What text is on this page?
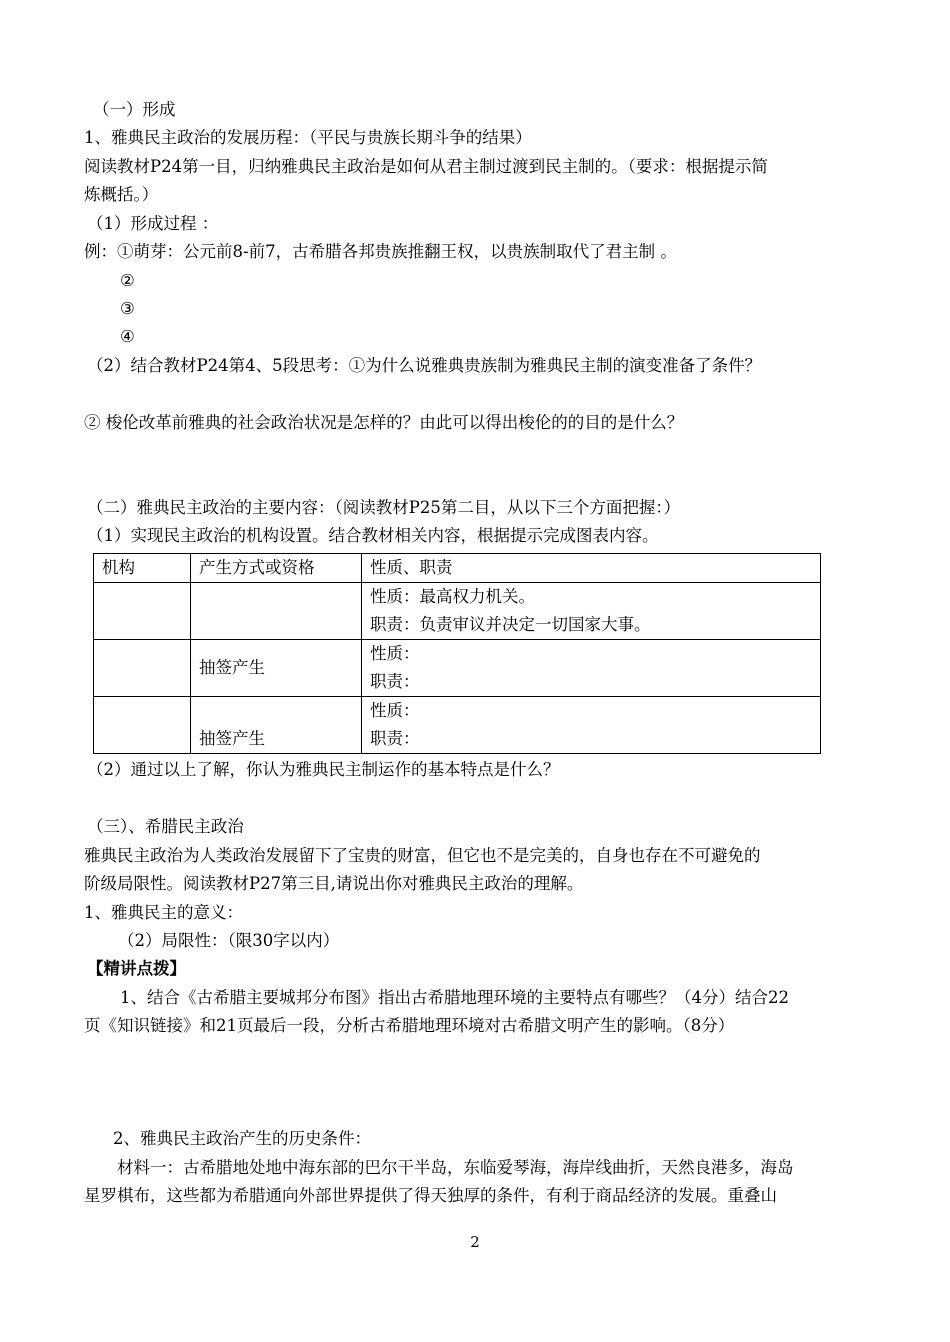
（一）形成
1、雅典民主政治的发展历程：（平民与贵族长期斗争的结果）
阅读教材P24第一目，归纳雅典民主政治是如何从君主制过渡到民主制的。（要求：根据提示简
炼概括。）
（1）形成过程 ：
例：①萌芽：公元前8-前7，古希腊各邦贵族推翻王权，以贵族制取代了君主制 。
②
③
④
（2）结合教材P24第4、5段思考：①为什么说雅典贵族制为雅典民主制的演变准备了条件？
② 梭伦改革前雅典的社会政治状况是怎样的？由此可以得出梭伦的的目的是什么？
（二）雅典民主政治的主要内容：（阅读教材P25第二目，从以下三个方面把握：）
（1）实现民主政治的机构设置。结合教材相关内容，根据提示完成图表内容。
机构	产生方式或资格	性质、职责

		性质：最高权力机关。
职责：负责审议并决定一切国家大事。

	抽签产生	性质：
职责：

	抽签产生	性质：
职责：
（2）通过以上了解，你认为雅典民主制运作的基本特点是什么？
（三）、希腊民主政治
雅典民主政治为人类政治发展留下了宝贵的财富，但它也不是完美的，自身也存在不可避免的
阶级局限性。阅读教材P27第三目,请说出你对雅典民主政治的理解。
1、雅典民主的意义：
（2）局限性：（限30字以内）
【精讲点拨】
1、结合《古希腊主要城邦分布图》指出古希腊地理环境的主要特点有哪些？（4分）结合22
页《知识链接》和21页最后一段，分析古希腊地理环境对古希腊文明产生的影响。（8分）
2、雅典民主政治产生的历史条件：
材料一：古希腊地处地中海东部的巴尔干半岛，东临爱琴海，海岸线曲折，天然良港多，海岛
星罗棋布，这些都为希腊通向外部世界提供了得天独厚的条件，有利于商品经济的发展。重叠山
2
